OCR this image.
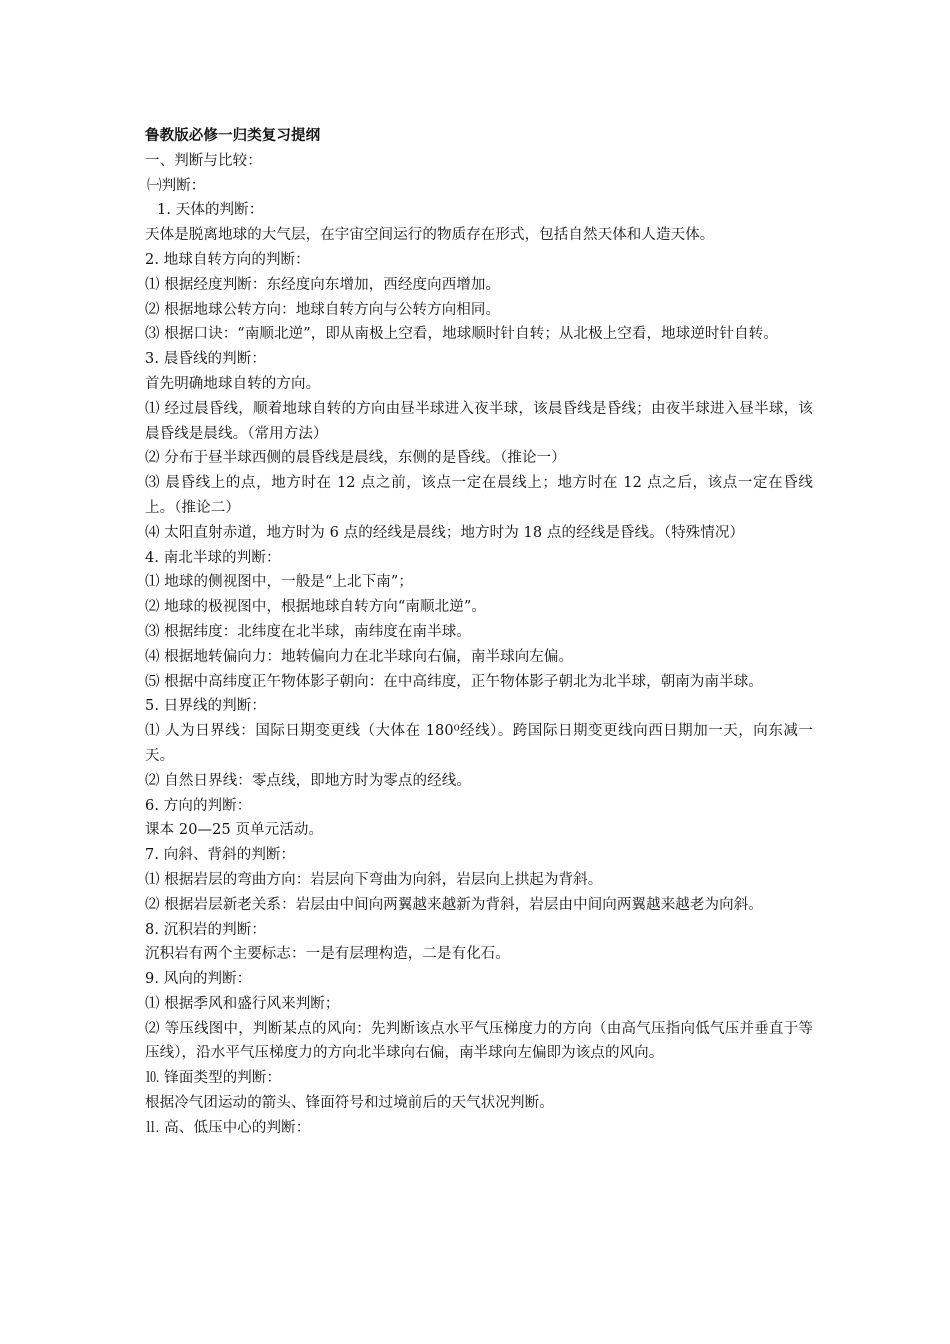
鲁教版必修一归类复习提纲

一、判断与比较：

㈠判断：

1. 天体的判断：

天体是脱离地球的大气层，在宇宙空间运行的物质存在形式，包括自然天体和人造天体。

2. 地球自转方向的判断：

⑴ 根据经度判断：东经度向东增加，西经度向西增加。

⑵ 根据地球公转方向：地球自转方向与公转方向相同。

⑶ 根据口诀：“南顺北逆”，即从南极上空看，地球顺时针自转；从北极上空看，地球逆时针自转。

3. 晨昏线的判断：

首先明确地球自转的方向。

⑴ 经过晨昏线，顺着地球自转的方向由昼半球进入夜半球，该晨昏线是昏线；由夜半球进入昼半球，该晨昏线是晨线。（常用方法）

⑵ 分布于昼半球西侧的晨昏线是晨线，东侧的是昏线。（推论一）

⑶ 晨昏线上的点，地方时在 12 点之前，该点一定在晨线上；地方时在 12 点之后，该点一定在昏线上。（推论二）

⑷ 太阳直射赤道，地方时为 6 点的经线是晨线；地方时为 18 点的经线是昏线。（特殊情况）

4. 南北半球的判断：

⑴ 地球的侧视图中，一般是“上北下南”；

⑵ 地球的极视图中，根据地球自转方向“南顺北逆”。

⑶ 根据纬度：北纬度在北半球，南纬度在南半球。

⑷ 根据地转偏向力：地转偏向力在北半球向右偏，南半球向左偏。

⑸ 根据中高纬度正午物体影子朝向：在中高纬度，正午物体影子朝北为北半球，朝南为南半球。

5. 日界线的判断：

⑴ 人为日界线：国际日期变更线（大体在 180⁰经线）。跨国际日期变更线向西日期加一天，向东减一天。

⑵ 自然日界线：零点线，即地方时为零点的经线。

6. 方向的判断：

课本 20—25 页单元活动。

7. 向斜、背斜的判断：

⑴ 根据岩层的弯曲方向：岩层向下弯曲为向斜，岩层向上拱起为背斜。

⑵ 根据岩层新老关系：岩层由中间向两翼越来越新为背斜，岩层由中间向两翼越来越老为向斜。

8. 沉积岩的判断：

沉积岩有两个主要标志：一是有层理构造，二是有化石。

9. 风向的判断：

⑴ 根据季风和盛行风来判断；

⑵ 等压线图中，判断某点的风向：先判断该点水平气压梯度力的方向（由高气压指向低气压并垂直于等压线），沿水平气压梯度力的方向北半球向右偏，南半球向左偏即为该点的风向。

⒑ 锋面类型的判断：

根据冷气团运动的箭头、锋面符号和过境前后的天气状况判断。

⒒ 高、低压中心的判断：
